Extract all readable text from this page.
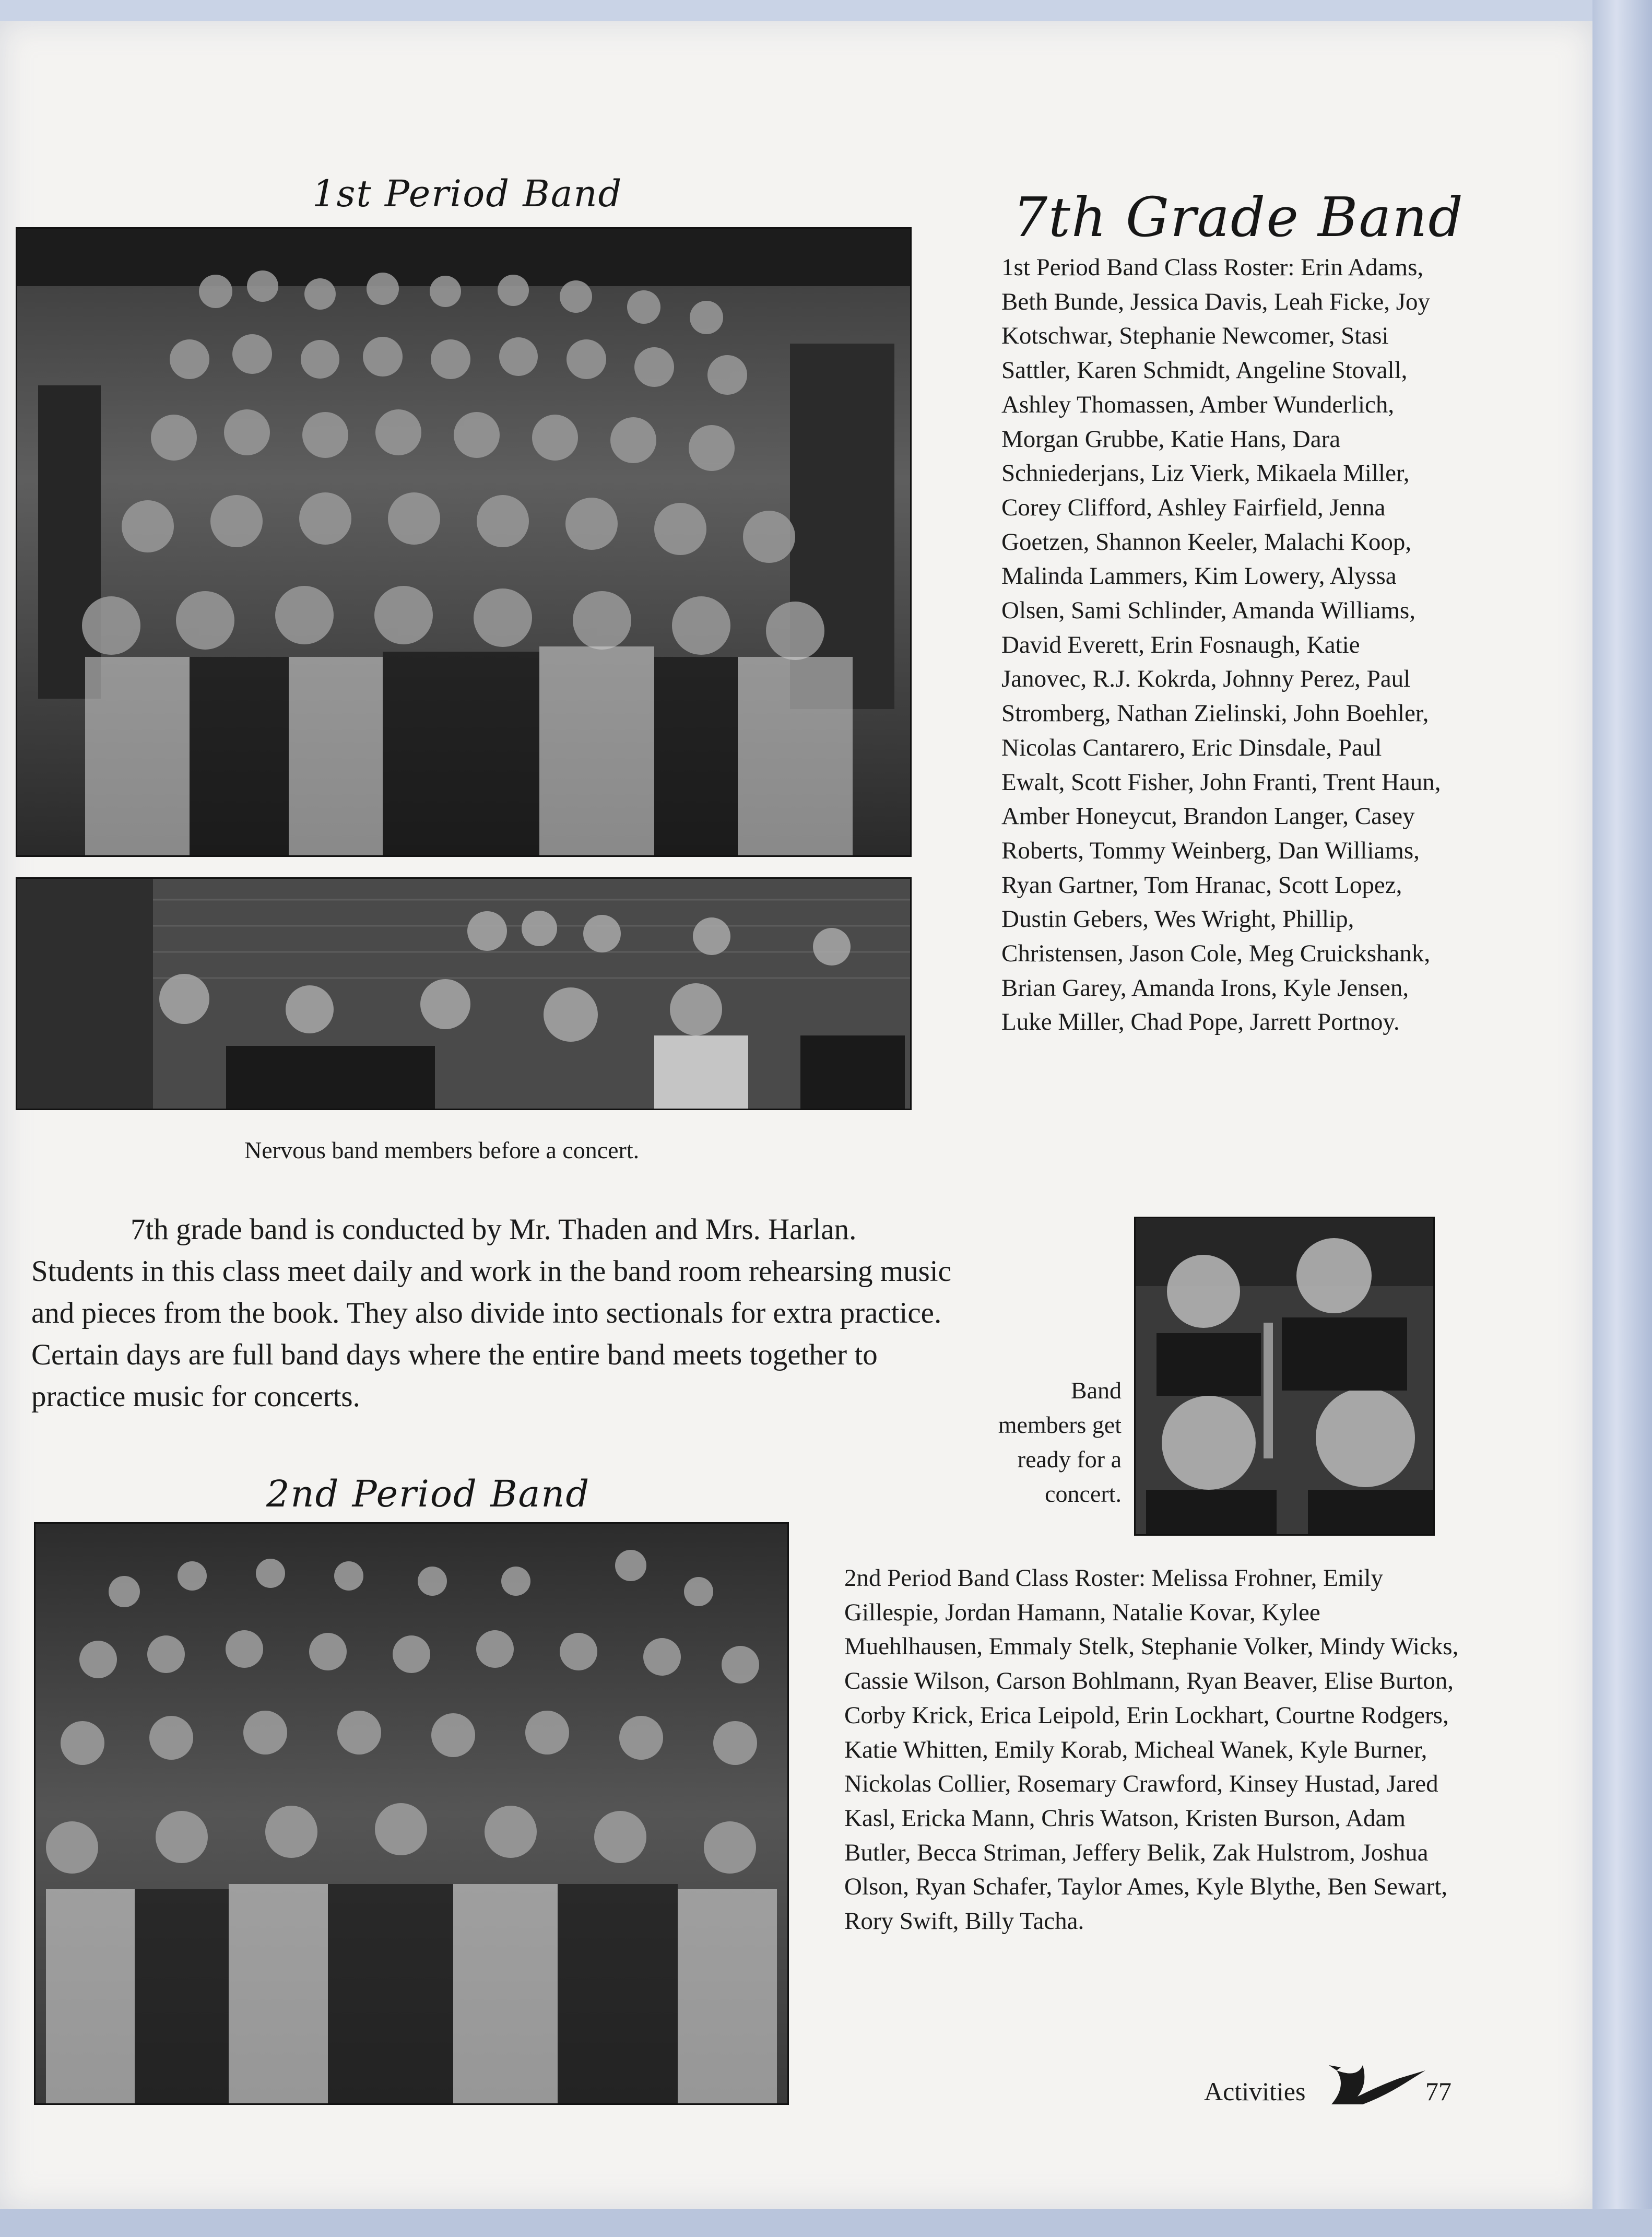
1st Period Band	7th Grade Band
Nervous band members before a concert.

7th grade band is conducted by Mr. Thaden and Mrs. Harlan. Students in this class meet daily and work in the band room rehearsing music and pieces from the book. They also divide into sectionals for extra practice. Certain days are full band days where the entire band meets together to practice music for concerts.

2nd Period Band

1st Period Band Class Roster: Erin Adams, Beth Bunde, Jessica Davis, Leah Ficke, Joy Kotschwar, Stephanie Newcomer, Stasi Sattler, Karen Schmidt, Angeline Stovall, Ashley Thomassen, Amber Wunderlich, Morgan Grubbe, Katie Hans, Dara Schniederjans, Liz Vierk, Mikaela Miller, Corey Clifford, Ashley Fairfield, Jenna Goetzen, Shannon Keeler, Malachi Koop, Malinda Lammers, Kim Lowery, Alyssa Olsen, Sami Schlinder, Amanda Williams, David Everett, Erin Fosnaugh, Katie Janovec, R.J. Kokrda, Johnny Perez, Paul Stromberg, Nathan Zielinski, John Boehler, Nicolas Cantarero, Eric Dinsdale, Paul Ewalt, Scott Fisher, John Franti, Trent Haun, Amber Honeycut, Brandon Langer, Casey Roberts, Tommy Weinberg, Dan Williams, Ryan Gartner, Tom Hranac, Scott Lopez, Dustin Gebers, Wes Wright, Phillip, Christensen, Jason Cole, Meg Cruickshank, Brian Garey, Amanda Irons, Kyle Jensen, Luke Miller, Chad Pope, Jarrett Portnoy.

Band
members get
ready for a
concert.

2nd Period Band Class Roster: Melissa Frohner, Emily Gillespie, Jordan Hamann, Natalie Kovar, Kylee Muehlhausen, Emmaly Stelk, Stephanie Volker, Mindy Wicks, Cassie Wilson, Carson Bohlmann, Ryan Beaver, Elise Burton, Corby Krick, Erica Leipold, Erin Lockhart, Courtne Rodgers, Katie Whitten, Emily Korab, Micheal Wanek, Kyle Burner, Nickolas Collier, Rosemary Crawford, Kinsey Hustad, Jared Kasl, Ericka Mann, Chris Watson, Kristen Burson, Adam Butler, Becca Striman, Jeffery Belik, Zak Hulstrom, Joshua Olson, Ryan Schafer, Taylor Ames, Kyle Blythe, Ben Sewart, Rory Swift, Billy Tacha.

Activities	77
